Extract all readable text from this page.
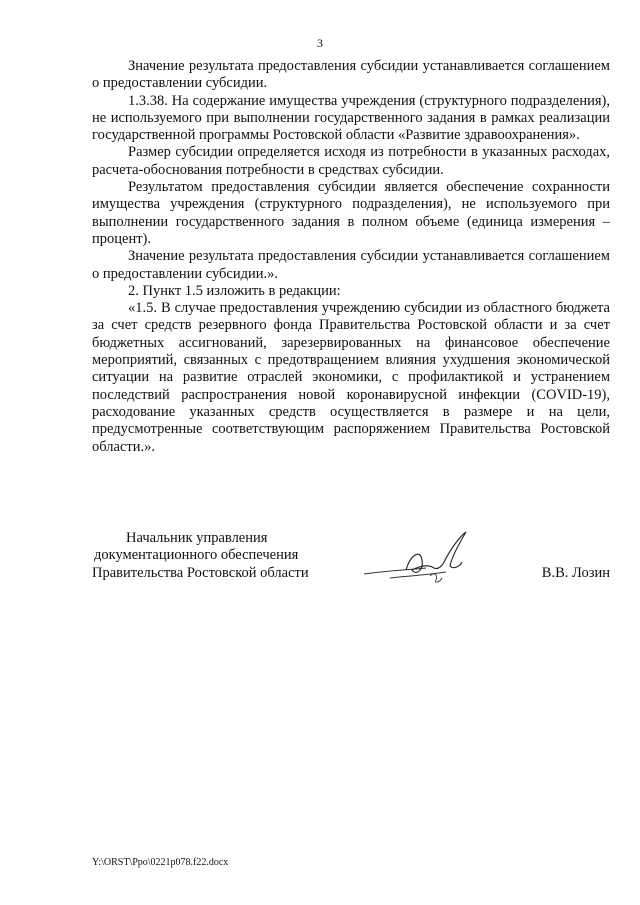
3

Значение результата предоставления субсидии устанавливается соглашением о предоставлении субсидии.

1.3.38. На содержание имущества учреждения (структурного подразделения), не используемого при выполнении государственного задания в рамках реализации государственной программы Ростовской области «Развитие здравоохранения».

Размер субсидии определяется исходя из потребности в указанных расходах, расчета-обоснования потребности в средствах субсидии.

Результатом предоставления субсидии является обеспечение сохранности имущества учреждения (структурного подразделения), не используемого при выполнении государственного задания в полном объеме (единица измерения – процент).

Значение результата предоставления субсидии устанавливается соглашением о предоставлении субсидии.».

2. Пункт 1.5 изложить в редакции:

«1.5. В случае предоставления учреждению субсидии из областного бюджета за счет средств резервного фонда Правительства Ростовской области и за счет бюджетных ассигнований, зарезервированных на финансовое обеспечение мероприятий, связанных с предотвращением влияния ухудшения экономической ситуации на развитие отраслей экономики, с профилактикой и устранением последствий распространения новой коронавирусной инфекции (COVID-19), расходование указанных средств осуществляется в размере и на цели, предусмотренные соответствующим распоряжением Правительства Ростовской области.».

Начальник управления
документационного обеспечения
Правительства Ростовской области	В.В. Лозин
Y:\ORST\Ppo\0221p078.f22.docx
